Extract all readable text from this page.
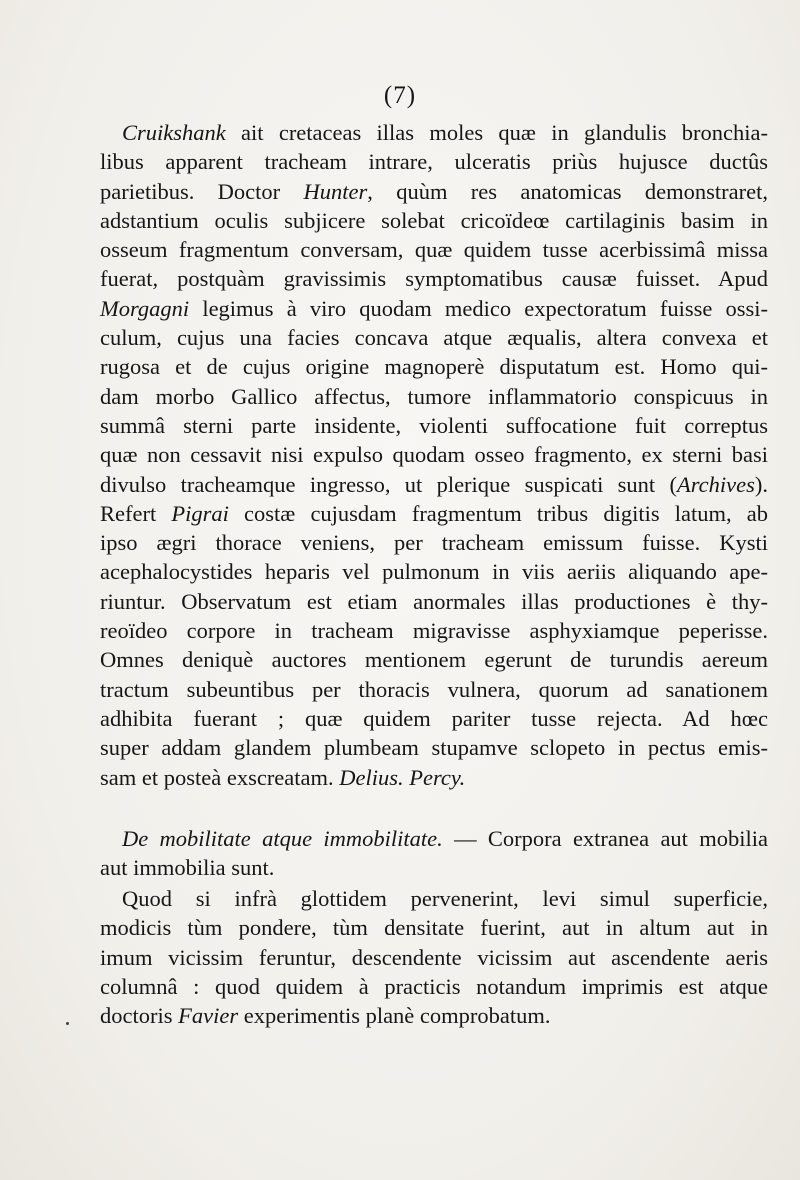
(7)
Cruikshank ait cretaceas illas moles quæ in glandulis bronchia-
libus apparent tracheam intrare, ulceratis priùs hujusce ductûs
parietibus. Doctor Hunter, quùm res anatomicas demonstraret,
adstantium oculis subjicere solebat cricoïdeœ cartilaginis basim in
osseum fragmentum conversam, quæ quidem tusse acerbissimâ missa
fuerat, postquàm gravissimis symptomatibus causæ fuisset. Apud
Morgagni legimus à viro quodam medico expectoratum fuisse ossi-
culum, cujus una facies concava atque æqualis, altera convexa et
rugosa et de cujus origine magnoperè disputatum est. Homo qui-
dam morbo Gallico affectus, tumore inflammatorio conspicuus in
summâ sterni parte insidente, violenti suffocatione fuit correptus
quæ non cessavit nisi expulso quodam osseo fragmento, ex sterni basi
divulso tracheamque ingresso, ut plerique suspicati sunt (Archives).
Refert Pigrai costæ cujusdam fragmentum tribus digitis latum, ab
ipso ægri thorace veniens, per tracheam emissum fuisse. Kysti
acephalocystides heparis vel pulmonum in viis aeriis aliquando ape-
riuntur. Observatum est etiam anormales illas productiones è thy-
reoïdeo corpore in tracheam migravisse asphyxiamque peperisse.
Omnes deniquè auctores mentionem egerunt de turundis aereum
tractum subeuntibus per thoracis vulnera, quorum ad sanationem
adhibita fuerant ; quæ quidem pariter tusse rejecta. Ad hœc
super addam glandem plumbeam stupamve sclopeto in pectus emis-
sam et posteà exscreatam. Delius. Percy.
De mobilitate atque immobilitate. — Corpora extranea aut mobilia
aut immobilia sunt.
Quod si infrà glottidem pervenerint, levi simul superficie,
modicis tùm pondere, tùm densitate fuerint, aut in altum aut in
imum vicissim feruntur, descendente vicissim aut ascendente aeris
columnâ : quod quidem à practicis notandum imprimis est atque
doctoris Favier experimentis planè comprobatum.
